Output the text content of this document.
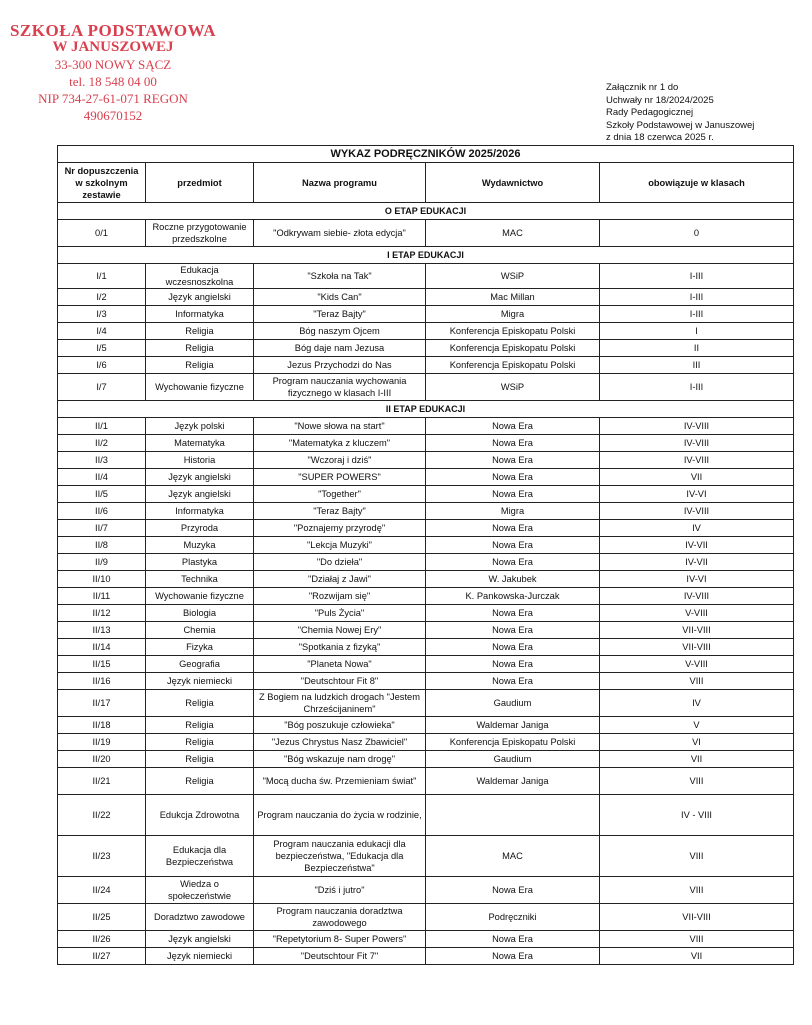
SZKOŁA PODSTAWOWA
W JANUSZOWEJ
33-300 NOWY SĄCZ
tel. 18 548 04 00
NIP 734-27-61-071 REGON 490670152
Załącznik nr 1 do
Uchwały nr 18/2024/2025
Rady Pedagogicznej
Szkoły Podstawowej w Januszowej
z dnia 18 czerwca 2025 r.
WYKAZ PODRĘCZNIKÓW 2025/2026				
Nr dopuszczenia w szkolnym zestawie	przedmiot	Nazwa programu	Wydawnictwo	obowiązuje w klasach
O ETAP EDUKACJI				
0/1	Roczne przygotowanie przedszkolne	"Odkrywam siebie- złota edycja"	MAC	0
I ETAP EDUKACJI				
I/1	Edukacja wczesnoszkolna	"Szkoła na Tak"	WSiP	I-III
I/2	Język angielski	"Kids Can"	Mac Millan	I-III
I/3	Informatyka	"Teraz Bajty"	Migra	I-III
I/4	Religia	Bóg naszym Ojcem	Konferencja Episkopatu Polski	I
I/5	Religia	Bóg daje nam Jezusa	Konferencja Episkopatu Polski	II
I/6	Religia	Jezus Przychodzi do Nas	Konferencja Episkopatu Polski	III
I/7	Wychowanie fizyczne	Program nauczania wychowania fizycznego w klasach I-III	WSiP	I-III
II ETAP EDUKACJI				
II/1	Język polski	"Nowe słowa na start"	Nowa Era	IV-VIII
II/2	Matematyka	"Matematyka z kluczem"	Nowa Era	IV-VIII
II/3	Historia	"Wczoraj i dziś"	Nowa Era	IV-VIII
II/4	Język angielski	"SUPER POWERS"	Nowa Era	VII
II/5	Język angielski	"Together"	Nowa Era	IV-VI
II/6	Informatyka	"Teraz Bajty"	Migra	IV-VIII
II/7	Przyroda	"Poznajemy przyrodę"	Nowa Era	IV
II/8	Muzyka	"Lekcja Muzyki"	Nowa Era	IV-VII
II/9	Plastyka	"Do dzieła"	Nowa Era	IV-VII
II/10	Technika	"Działaj z Jawi"	W. Jakubek	IV-VI
II/11	Wychowanie fizyczne	"Rozwijam się"	K. Pankowska-Jurczak	IV-VIII
II/12	Biologia	"Puls Życia"	Nowa Era	V-VIII
II/13	Chemia	"Chemia Nowej Ery"	Nowa Era	VII-VIII
II/14	Fizyka	"Spotkania z fizyką"	Nowa Era	VII-VIII
II/15	Geografia	"Planeta Nowa"	Nowa Era	V-VIII
II/16	Język niemiecki	"Deutschtour Fit 8"	Nowa Era	VIII
II/17	Religia	Z Bogiem na ludzkich drogach "Jestem Chrześcijaninem"	Gaudium	IV
II/18	Religia	"Bóg poszukuje człowieka"	Waldemar Janiga	V
II/19	Religia	"Jezus Chrystus Nasz Zbawiciel"	Konferencja Episkopatu Polski	VI
II/20	Religia	"Bóg wskazuje nam drogę"	Gaudium	VII
II/21	Religia	"Mocą ducha św. Przemieniam świat"	Waldemar Janiga	VIII
II/22	Edukcja Zdrowotna	Program nauczania do życia w rodzinie,		IV - VIII
II/23	Edukacja dla Bezpieczeństwa	Program nauczania edukacji dla bezpieczeństwa, "Edukacja dla Bezpieczeństwa"	MAC	VIII
II/24	Wiedza o społeczeństwie	"Dziś i jutro"	Nowa Era	VIII
II/25	Doradztwo zawodowe	Program nauczania doradztwa zawodowego	Podręczniki	VII-VIII
II/26	Język angielski	"Repetytorium 8- Super Powers"	Nowa Era	VIII
II/27	Język niemiecki	"Deutschtour Fit 7"	Nowa Era	VII
